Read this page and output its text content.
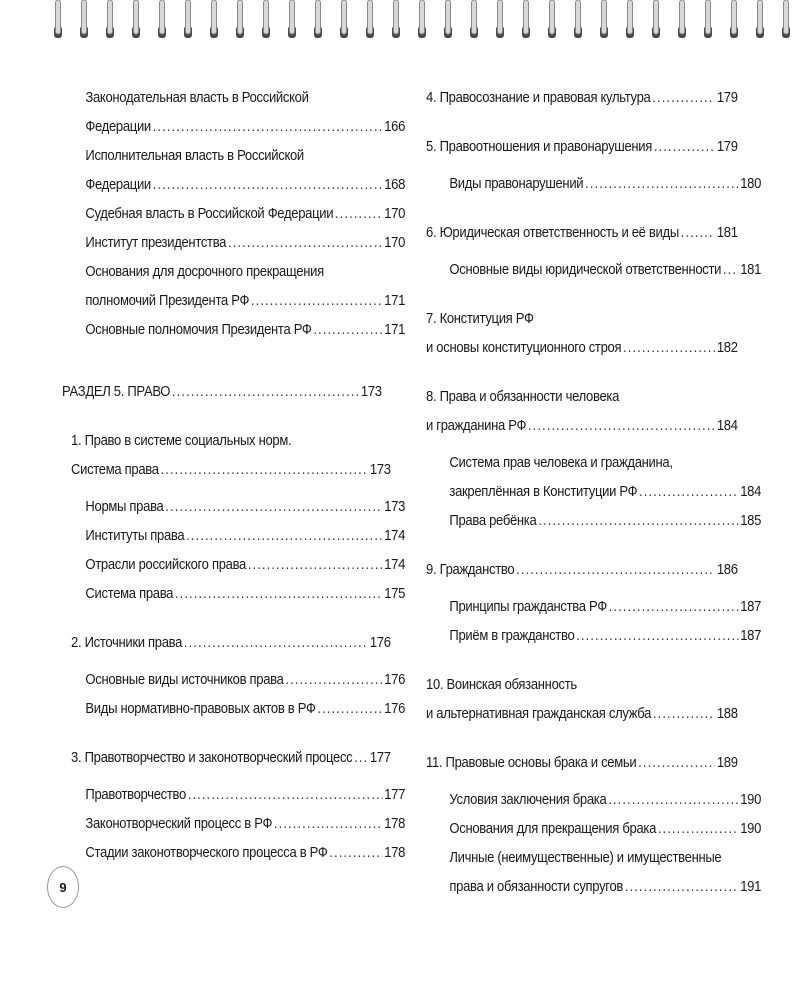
Законодательная власть в Российской
Федерации .....	166
Исполнительная власть в Российской
Федерации .....	168
Судебная власть в Российской Федерации .....	170
Институт президентства .....	170
Основания для досрочного прекращения
полномочий Президента РФ .....	171
Основные полномочия Президента РФ .....	171
РАЗДЕЛ 5. ПРАВО .....	173
1. Право в системе социальных норм.
Система права .....	173
Нормы права .....	173
Институты права .....	174
Отрасли российского права .....	174
Система права .....	175
2. Источники права .....	176
Основные виды источников права .....	176
Виды нормативно-правовых актов в РФ .....	176
3. Правотворчество и законотворческий процесс ..... 177
Правотворчество .....	177
Законотворческий процесс в РФ .....	178
Стадии законотворческого процесса в РФ .....	178
4. Правосознание и правовая культура .....	179
5. Правоотношения и правонарушения .....	179
Виды правонарушений .....	180
6. Юридическая ответственность и её виды .....	181
Основные виды юридической ответственности ..... 181
7. Конституция РФ
и основы конституционного строя .....	182
8. Права и обязанности человека
и гражданина РФ .....	184
Система прав человека и гражданина,
закреплённая в Конституции РФ .....	184
Права ребёнка .....	185
9. Гражданство .....	186
Принципы гражданства РФ .....	187
Приём в гражданство .....	187
10. Воинская обязанность
и альтернативная гражданская служба .....	188
11. Правовые основы брака и семьи .....	189
Условия заключения брака .....	190
Основания для прекращения брака .....	190
Личные (неимущественные) и имущественные
права и обязанности супругов .....	191
9
